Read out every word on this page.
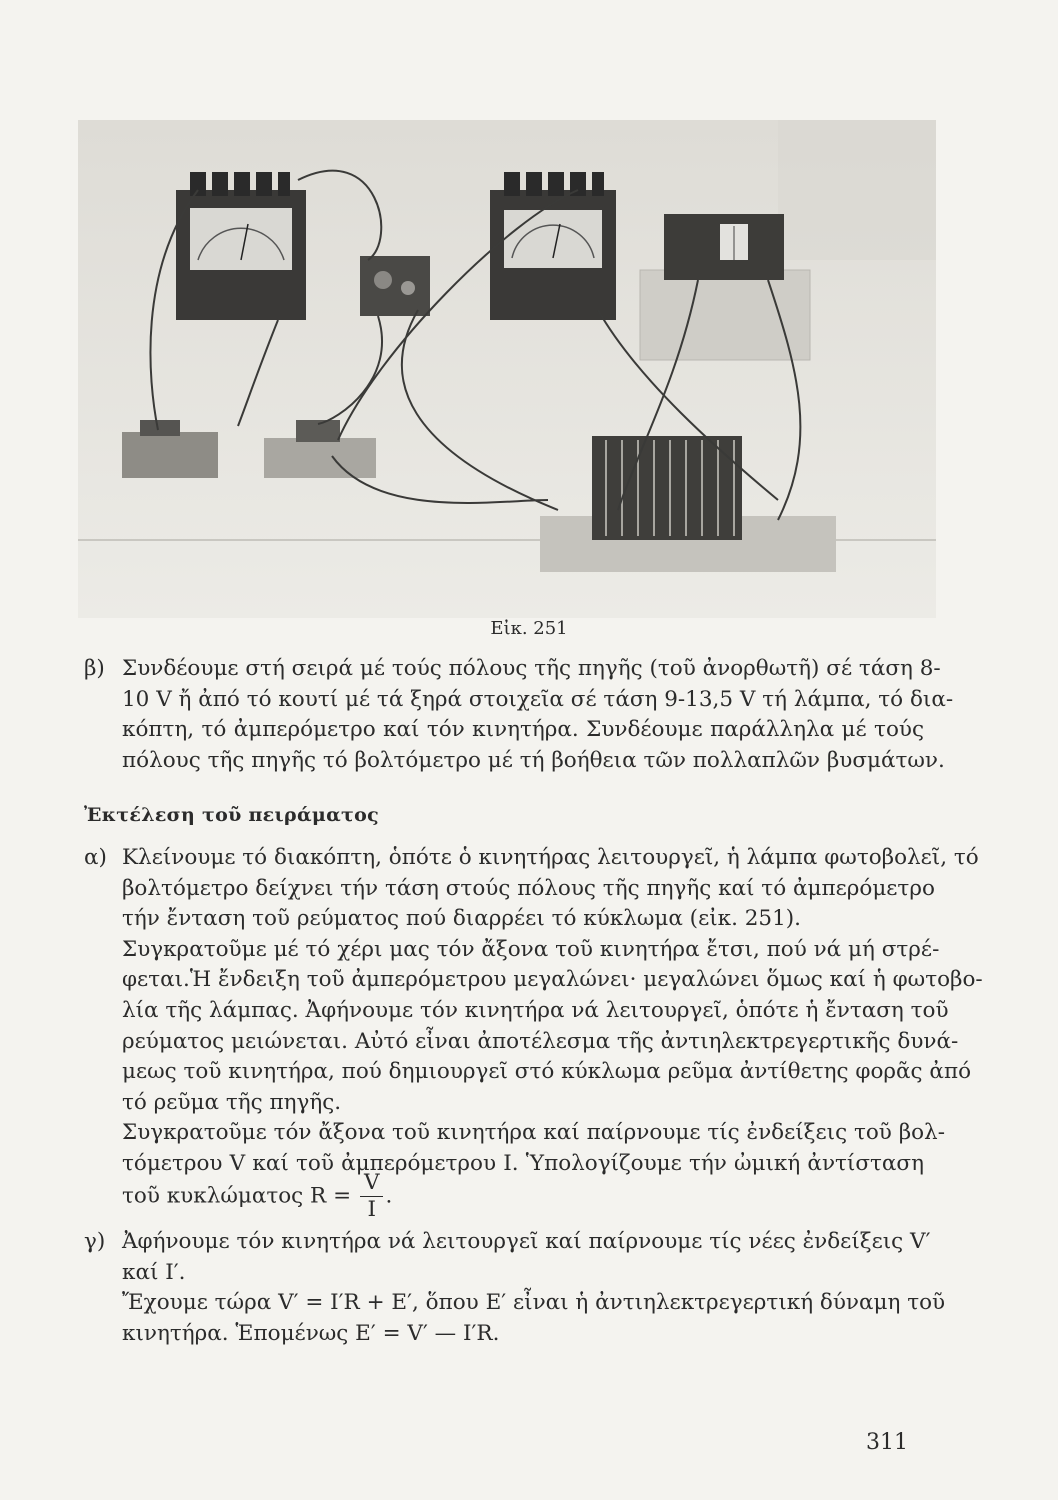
Εἰκ. 251
β) Συνδέουμε στή σειρά μέ τούς πόλους τῆς πηγῆς (τοῦ ἀνορθωτῆ) σέ τάση 8-
10 V ἤ ἀπό τό κουτί μέ τά ξηρά στοιχεῖα σέ τάση 9-13,5 V τή λάμπα, τό δια-
κόπτη, τό ἀμπερόμετρο καί τόν κινητήρα. Συνδέουμε παράλληλα μέ τούς
πόλους τῆς πηγῆς τό βολτόμετρο μέ τή βοήθεια τῶν πολλαπλῶν βυσμάτων.
Ἐκτέλεση τοῦ πειράματος
α) Κλείνουμε τό διακόπτη, ὁπότε ὁ κινητήρας λειτουργεῖ, ἡ λάμπα φωτοβολεῖ, τό
βολτόμετρο δείχνει τήν τάση στούς πόλους τῆς πηγῆς καί τό ἀμπερόμετρο
τήν ἔνταση τοῦ ρεύματος πού διαρρέει τό κύκλωμα (εἰκ. 251).
Συγκρατοῦμε μέ τό χέρι μας τόν ἄξονα τοῦ κινητήρα ἔτσι, πού νά μή στρέ-
φεται.Ἡ ἔνδειξη τοῦ ἀμπερόμετρου μεγαλώνει· μεγαλώνει ὅμως καί ἡ φωτοβο-
λία τῆς λάμπας. Ἀφήνουμε τόν κινητήρα νά λειτουργεῖ, ὁπότε ἡ ἔνταση τοῦ
ρεύματος μειώνεται. Αὐτό εἶναι ἀποτέλεσμα τῆς ἀντιηλεκτρεγερτικῆς δυνά-
μεως τοῦ κινητήρα, πού δημιουργεῖ στό κύκλωμα ρεῦμα ἀντίθετης φορᾶς ἀπό
τό ρεῦμα τῆς πηγῆς.
Συγκρατοῦμε τόν ἄξονα τοῦ κινητήρα καί παίρνουμε τίς ἐνδείξεις τοῦ βολ-
τόμετρου V καί τοῦ ἀμπερόμετρου I. Ὑπολογίζουμε τήν ὠμική ἀντίσταση
τοῦ κυκλώματος $R = \frac{V}{I}$ .
γ) Ἀφήνουμε τόν κινητήρα νά λειτουργεῖ καί παίρνουμε τίς νέες ἐνδείξεις V′
καί I′.
Ἔχουμε τώρα V′ = I′R + E′, ὅπου E′ εἶναι ἡ ἀντιηλεκτρεγερτική δύναμη τοῦ
κινητήρα. Ἑπομένως E′ = V′ — I′R.
311
